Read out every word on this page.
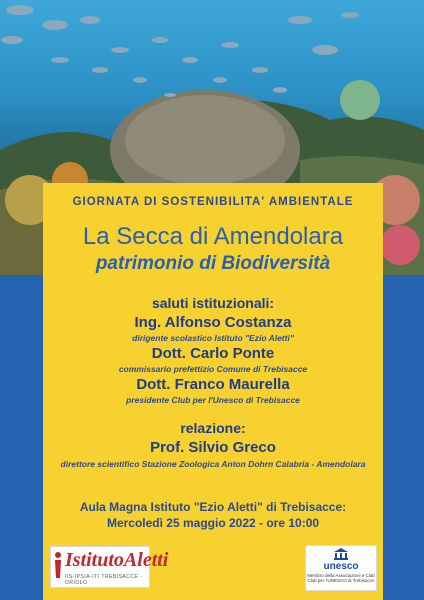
GIORNATA DI SOSTENIBILITA' AMBIENTALE
La Secca di Amendolara
patrimonio di Biodiversità
saluti istituzionali:
Ing. Alfonso Costanza
dirigente scolastico Istituto "Ezio Aletti"
Dott. Carlo Ponte
commissario prefettizio Comune di Trebisacce
Dott. Franco Maurella
presidente Club per l'Unesco di Trebisacce
relazione:
Prof. Silvio Greco
direttore scientifico Stazione Zoologica Anton Dohrn Calabria - Amendolara
Aula Magna Istituto "Ezio Aletti" di Trebisacce:
Mercoledì 25 maggio 2022 - ore 10:00
IstitutoAletti
IIS-IPSIA-ITI TREBISACCE - ORIOLO
unesco
Membro della Associazioni e Club Club per l'UNESCO di Trebisacce
